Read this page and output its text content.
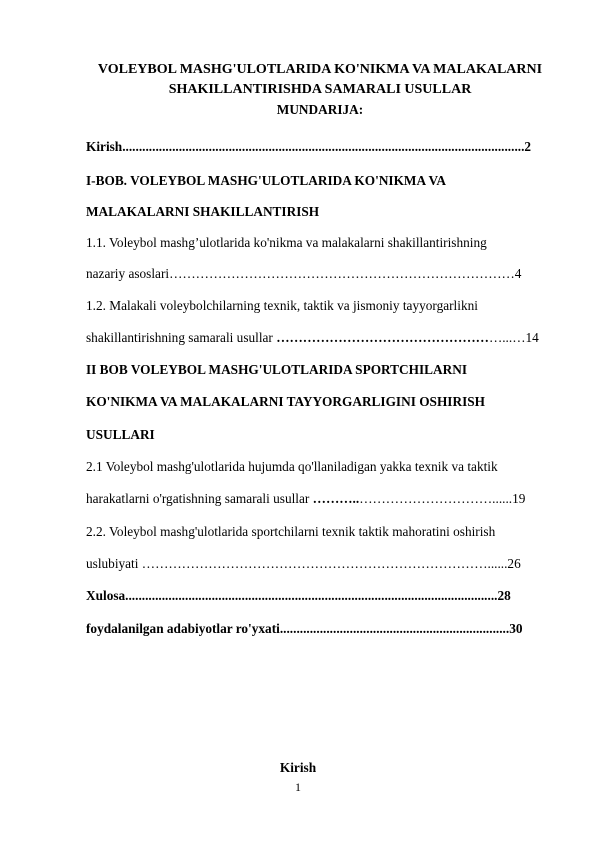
VOLEYBOL MASHG'ULOTLARIDA KO'NIKMA VA MALAKALARNI
SHAKILLANTIRISHDA SAMARALI USULLAR
MUNDARIJA:
Kirish.........................................................................................................................2
I-BOB. VOLEYBOL MASHG'ULOTLARIDA KO'NIKMA VA
MALAKALARNI SHAKILLANTIRISH
1.1. Voleybol mashg’ulotlarida ko'nikma va malakalarni shakillantirishning
nazariy asoslari……………………………………………………………………4
1.2. Malakali voleybolchilarning texnik, taktik va jismoniy tayyorgarlikni
shakillantirishning samarali usullar ……………………………………………...…14
II BOB VOLEYBOL MASHG'ULOTLARIDA SPORTCHILARNI
KO'NIKMA VA MALAKALARNI TAYYORGARLIGINI OSHIRISH
USULLARI
2.1 Voleybol mashg'ulotlarida hujumda qo'llaniladigan yakka texnik va taktik
harakatlarni o'rgatishning samarali usullar ………..…………………………......19
2.2. Voleybol mashg'ulotlarida sportchilarni texnik taktik mahoratini oshirish
uslubiyati ……………………………………………………………………......26
Xulosa................................................................................................................28
foydalanilgan adabiyotlar ro'yxati.....................................................................30
Kirish
1
